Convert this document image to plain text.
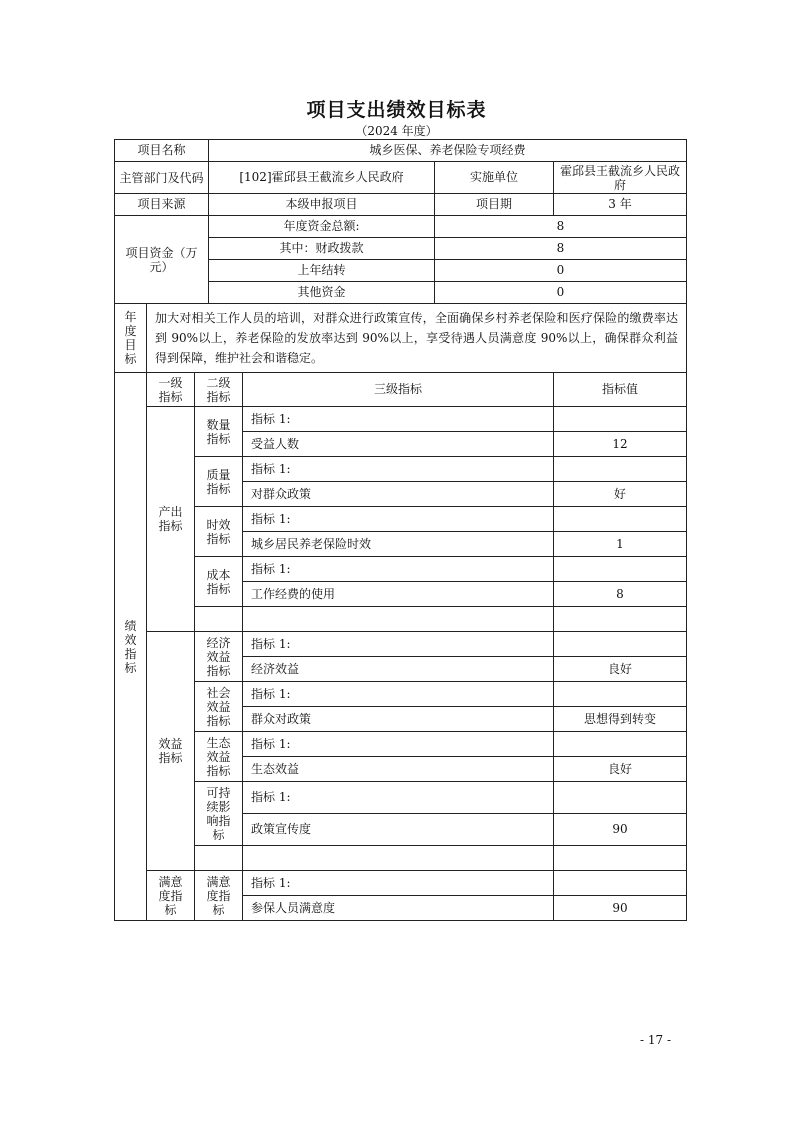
项目支出绩效目标表
（2024 年度）
项目名称			城乡医保、养老保险专项经费			
主管部门及代码			[102]霍邱县王截流乡人民政府		实施单位	霍邱县王截流乡人民政府
项目来源			本级申报项目		项目期	3 年
项目资金（万元）			年度资金总额:		8	
			其中：财政拨款		8	
			上年结转		0	
			其他资金		0	
年度目标	加大对相关工作人员的培训，对群众进行政策宣传，全面确保乡村养老保险和医疗保险的缴费率达到 90%以上，养老保险的发放率达到 90%以上，享受待遇人员满意度 90%以上，确保群众利益得到保障，维护社会和谐稳定。					
绩效指标	一级指标	二级指标		三级指标		指标值
	产出指标	数量指标		指标 1:		
				受益人数		12
		质量指标		指标 1:		
				对群众政策		好
		时效指标		指标 1:		
				城乡居民养老保险时效		1
		成本指标		指标 1:		
				工作经费的使用		8

	效益指标	经济效益指标		指标 1:		
				经济效益		良好
		社会效益指标		指标 1:		
				群众对政策		思想得到转变
		生态效益指标		指标 1:		
				生态效益		良好
		可持续影响指标		指标 1:		
				政策宣传度		90

	满意度指标	满意度指标		指标 1:		
				参保人员满意度		90
- 17 -
